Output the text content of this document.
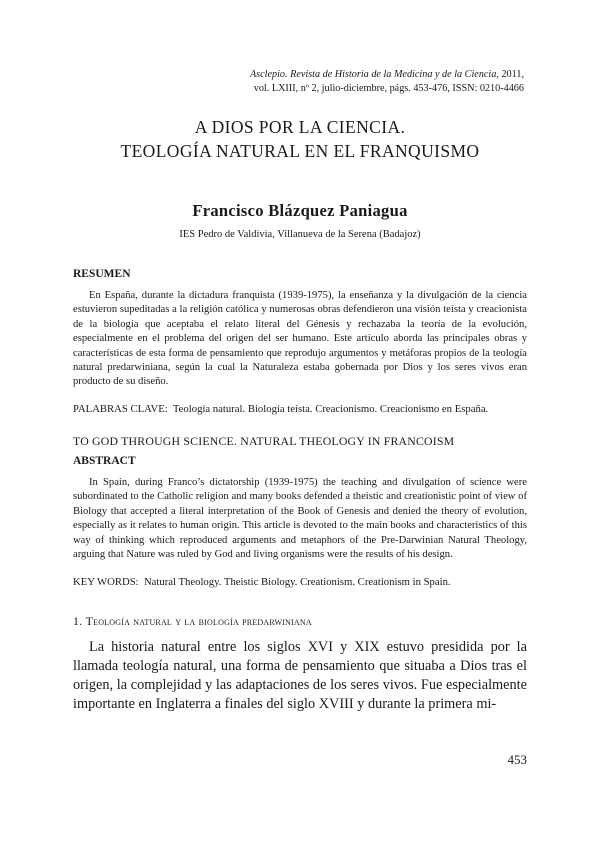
Asclepio. Revista de Historia de la Medicina y de la Ciencia, 2011,
vol. LXIII, nº 2, julio-diciembre, págs. 453-476, ISSN: 0210-4466
A DIOS POR LA CIENCIA.
TEOLOGÍA NATURAL EN EL FRANQUISMO
Francisco Blázquez Paniagua
IES Pedro de Valdivia, Villanueva de la Serena (Badajoz)
RESUMEN
En España, durante la dictadura franquista (1939-1975), la enseñanza y la divulgación de la ciencia estuvieron supeditadas a la religión católica y numerosas obras defendieron una visión teísta y creacionista de la biología que aceptaba el relato literal del Génesis y rechazaba la teoría de la evolución, especialmente en el problema del origen del ser humano. Este artículo aborda las principales obras y características de esta forma de pensamiento que reprodujo argumentos y metáforas propios de la teología natural predarwiniana, según la cual la Naturaleza estaba gobernada por Dios y los seres vivos eran producto de su diseño.
PALABRAS CLAVE: Teología natural. Biología teísta. Creacionismo. Creacionismo en España.
TO GOD THROUGH SCIENCE. NATURAL THEOLOGY IN FRANCOISM
ABSTRACT
In Spain, during Franco’s dictatorship (1939-1975) the teaching and divulgation of science were subordinated to the Catholic religion and many books defended a theistic and creationistic point of view of Biology that accepted a literal interpretation of the Book of Genesis and denied the theory of evolution, especially as it relates to human origin. This article is devoted to the main books and characteristics of this way of thinking which reproduced arguments and metaphors of the Pre-Darwinian Natural Theology, arguing that Nature was ruled by God and living organisms were the results of his design.
KEY WORDS: Natural Theology. Theistic Biology. Creationism. Creationism in Spain.
1. Teología natural y la biología predarwiniana
La historia natural entre los siglos XVI y XIX estuvo presidida por la llamada teología natural, una forma de pensamiento que situaba a Dios tras el origen, la complejidad y las adaptaciones de los seres vivos. Fue especialmente importante en Inglaterra a finales del siglo XVIII y durante la primera mi-
453
